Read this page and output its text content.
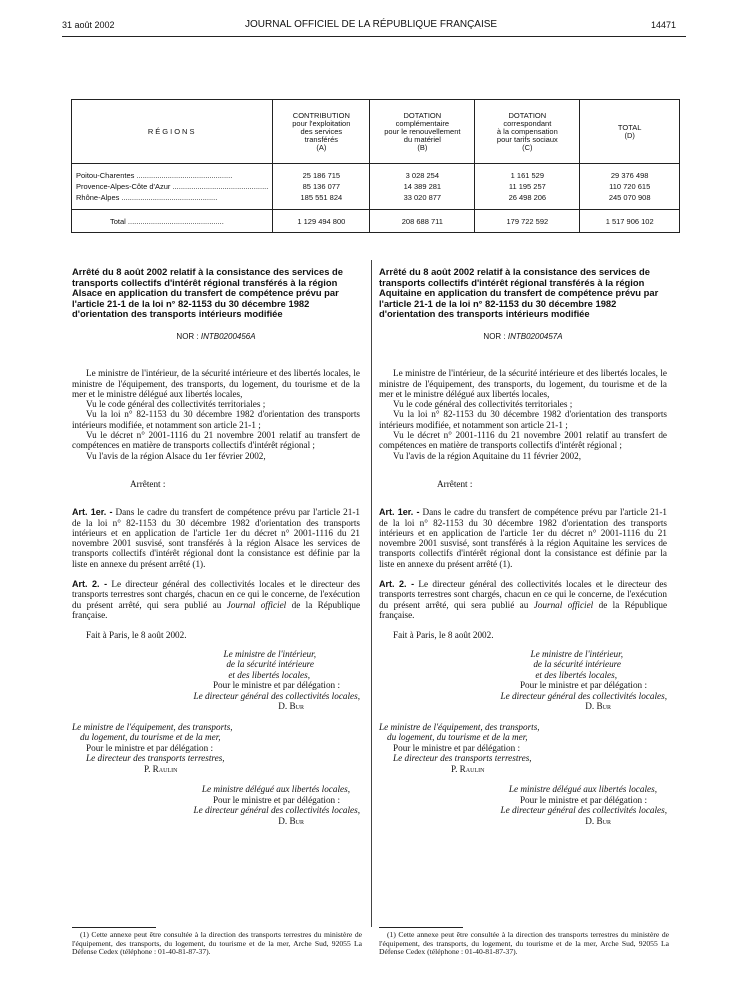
31 août 2002	JOURNAL OFFICIEL DE LA RÉPUBLIQUE FRANÇAISE	14471
RÉGIONS	CONTRIBUTION
pour l'exploitation
des services
transférés
(A)	DOTATION
complémentaire
pour le renouvellement
du matériel
(B)	DOTATION
correspondant
à la compensation
pour tarifs sociaux
(C)	TOTAL
(D)

Poitou-Charentes ..............................................	25 186 715	3 028 254	1 161 529	29 376 498
Provence-Alpes-Côte d'Azur ..............................................	85 136 077	14 389 281	11 195 257	110 720 615
Rhône-Alpes ..............................................	185 551 824	33 020 877	26 498 206	245 070 908

Total ..............................................	1 129 494 800	208 688 711	179 722 592	1 517 906 102
Arrêté du 8 août 2002 relatif à la consistance des services de transports collectifs d'intérêt régional transférés à la région Alsace en application du transfert de compétence prévu par l'article 21-1 de la loi n° 82-1153 du 30 décembre 1982 d'orientation des transports intérieurs modifiée
NOR : INTB0200456A

Le ministre de l'intérieur, de la sécurité intérieure et des libertés locales, le ministre de l'équipement, des transports, du logement, du tourisme et de la mer et le ministre délégué aux libertés locales,

Vu le code général des collectivités territoriales ;

Vu la loi n° 82-1153 du 30 décembre 1982 d'orientation des transports intérieurs modifiée, et notamment son article 21-1 ;

Vu le décret n° 2001-1116 du 21 novembre 2001 relatif au transfert de compétences en matière de transports collectifs d'intérêt régional ;

Vu l'avis de la région Alsace du 1er février 2002,

Arrêtent :

Art. 1er. - Dans le cadre du transfert de compétence prévu par l'article 21-1 de la loi n° 82-1153 du 30 décembre 1982 d'orientation des transports intérieurs et en application de l'article 1er du décret n° 2001-1116 du 21 novembre 2001 susvisé, sont transférés à la région Alsace les services de transports collectifs d'intérêt régional dont la consistance est définie par la liste en annexe du présent arrêté (1).

Art. 2. - Le directeur général des collectivités locales et le directeur des transports terrestres sont chargés, chacun en ce qui le concerne, de l'exécution du présent arrêté, qui sera publié au Journal officiel de la République française.

Fait à Paris, le 8 août 2002.

Le ministre de l'intérieur,
de la sécurité intérieure
et des libertés locales,
Pour le ministre et par délégation :
Le directeur général des collectivités locales,
D. Bur
Le ministre de l'équipement, des transports,
du logement, du tourisme et de la mer,
Pour le ministre et par délégation :
Le directeur des transports terrestres,
P. Raulin
Le ministre délégué aux libertés locales,
Pour le ministre et par délégation :
Le directeur général des collectivités locales,
D. Bur
Arrêté du 8 août 2002 relatif à la consistance des services de transports collectifs d'intérêt régional transférés à la région Aquitaine en application du transfert de compétence prévu par l'article 21-1 de la loi n° 82-1153 du 30 décembre 1982 d'orientation des transports intérieurs modifiée
NOR : INTB0200457A

Le ministre de l'intérieur, de la sécurité intérieure et des libertés locales, le ministre de l'équipement, des transports, du logement, du tourisme et de la mer et le ministre délégué aux libertés locales,

Vu le code général des collectivités territoriales ;

Vu la loi n° 82-1153 du 30 décembre 1982 d'orientation des transports intérieurs modifiée, et notamment son article 21-1 ;

Vu le décret n° 2001-1116 du 21 novembre 2001 relatif au transfert de compétences en matière de transports collectifs d'intérêt régional ;

Vu l'avis de la région Aquitaine du 11 février 2002,

Arrêtent :

Art. 1er. - Dans le cadre du transfert de compétence prévu par l'article 21-1 de la loi n° 82-1153 du 30 décembre 1982 d'orientation des transports intérieurs et en application de l'article 1er du décret n° 2001-1116 du 21 novembre 2001 susvisé, sont transférés à la région Aquitaine les services de transports collectifs d'intérêt régional dont la consistance est définie par la liste en annexe du présent arrêté (1).

Art. 2. - Le directeur général des collectivités locales et le directeur des transports terrestres sont chargés, chacun en ce qui le concerne, de l'exécution du présent arrêté, qui sera publié au Journal officiel de la République française.

Fait à Paris, le 8 août 2002.

Le ministre de l'intérieur,
de la sécurité intérieure
et des libertés locales,
Pour le ministre et par délégation :
Le directeur général des collectivités locales,
D. Bur
Le ministre de l'équipement, des transports,
du logement, du tourisme et de la mer,
Pour le ministre et par délégation :
Le directeur des transports terrestres,
P. Raulin
Le ministre délégué aux libertés locales,
Pour le ministre et par délégation :
Le directeur général des collectivités locales,
D. Bur

(1) Cette annexe peut être consultée à la direction des transports terrestres du ministère de l'équipement, des transports, du logement, du tourisme et de la mer, Arche Sud, 92055 La Défense Cedex (téléphone : 01-40-81-87-37).

(1) Cette annexe peut être consultée à la direction des transports terrestres du ministère de l'équipement, des transports, du logement, du tourisme et de la mer, Arche Sud, 92055 La Défense Cedex (téléphone : 01-40-81-87-37).
